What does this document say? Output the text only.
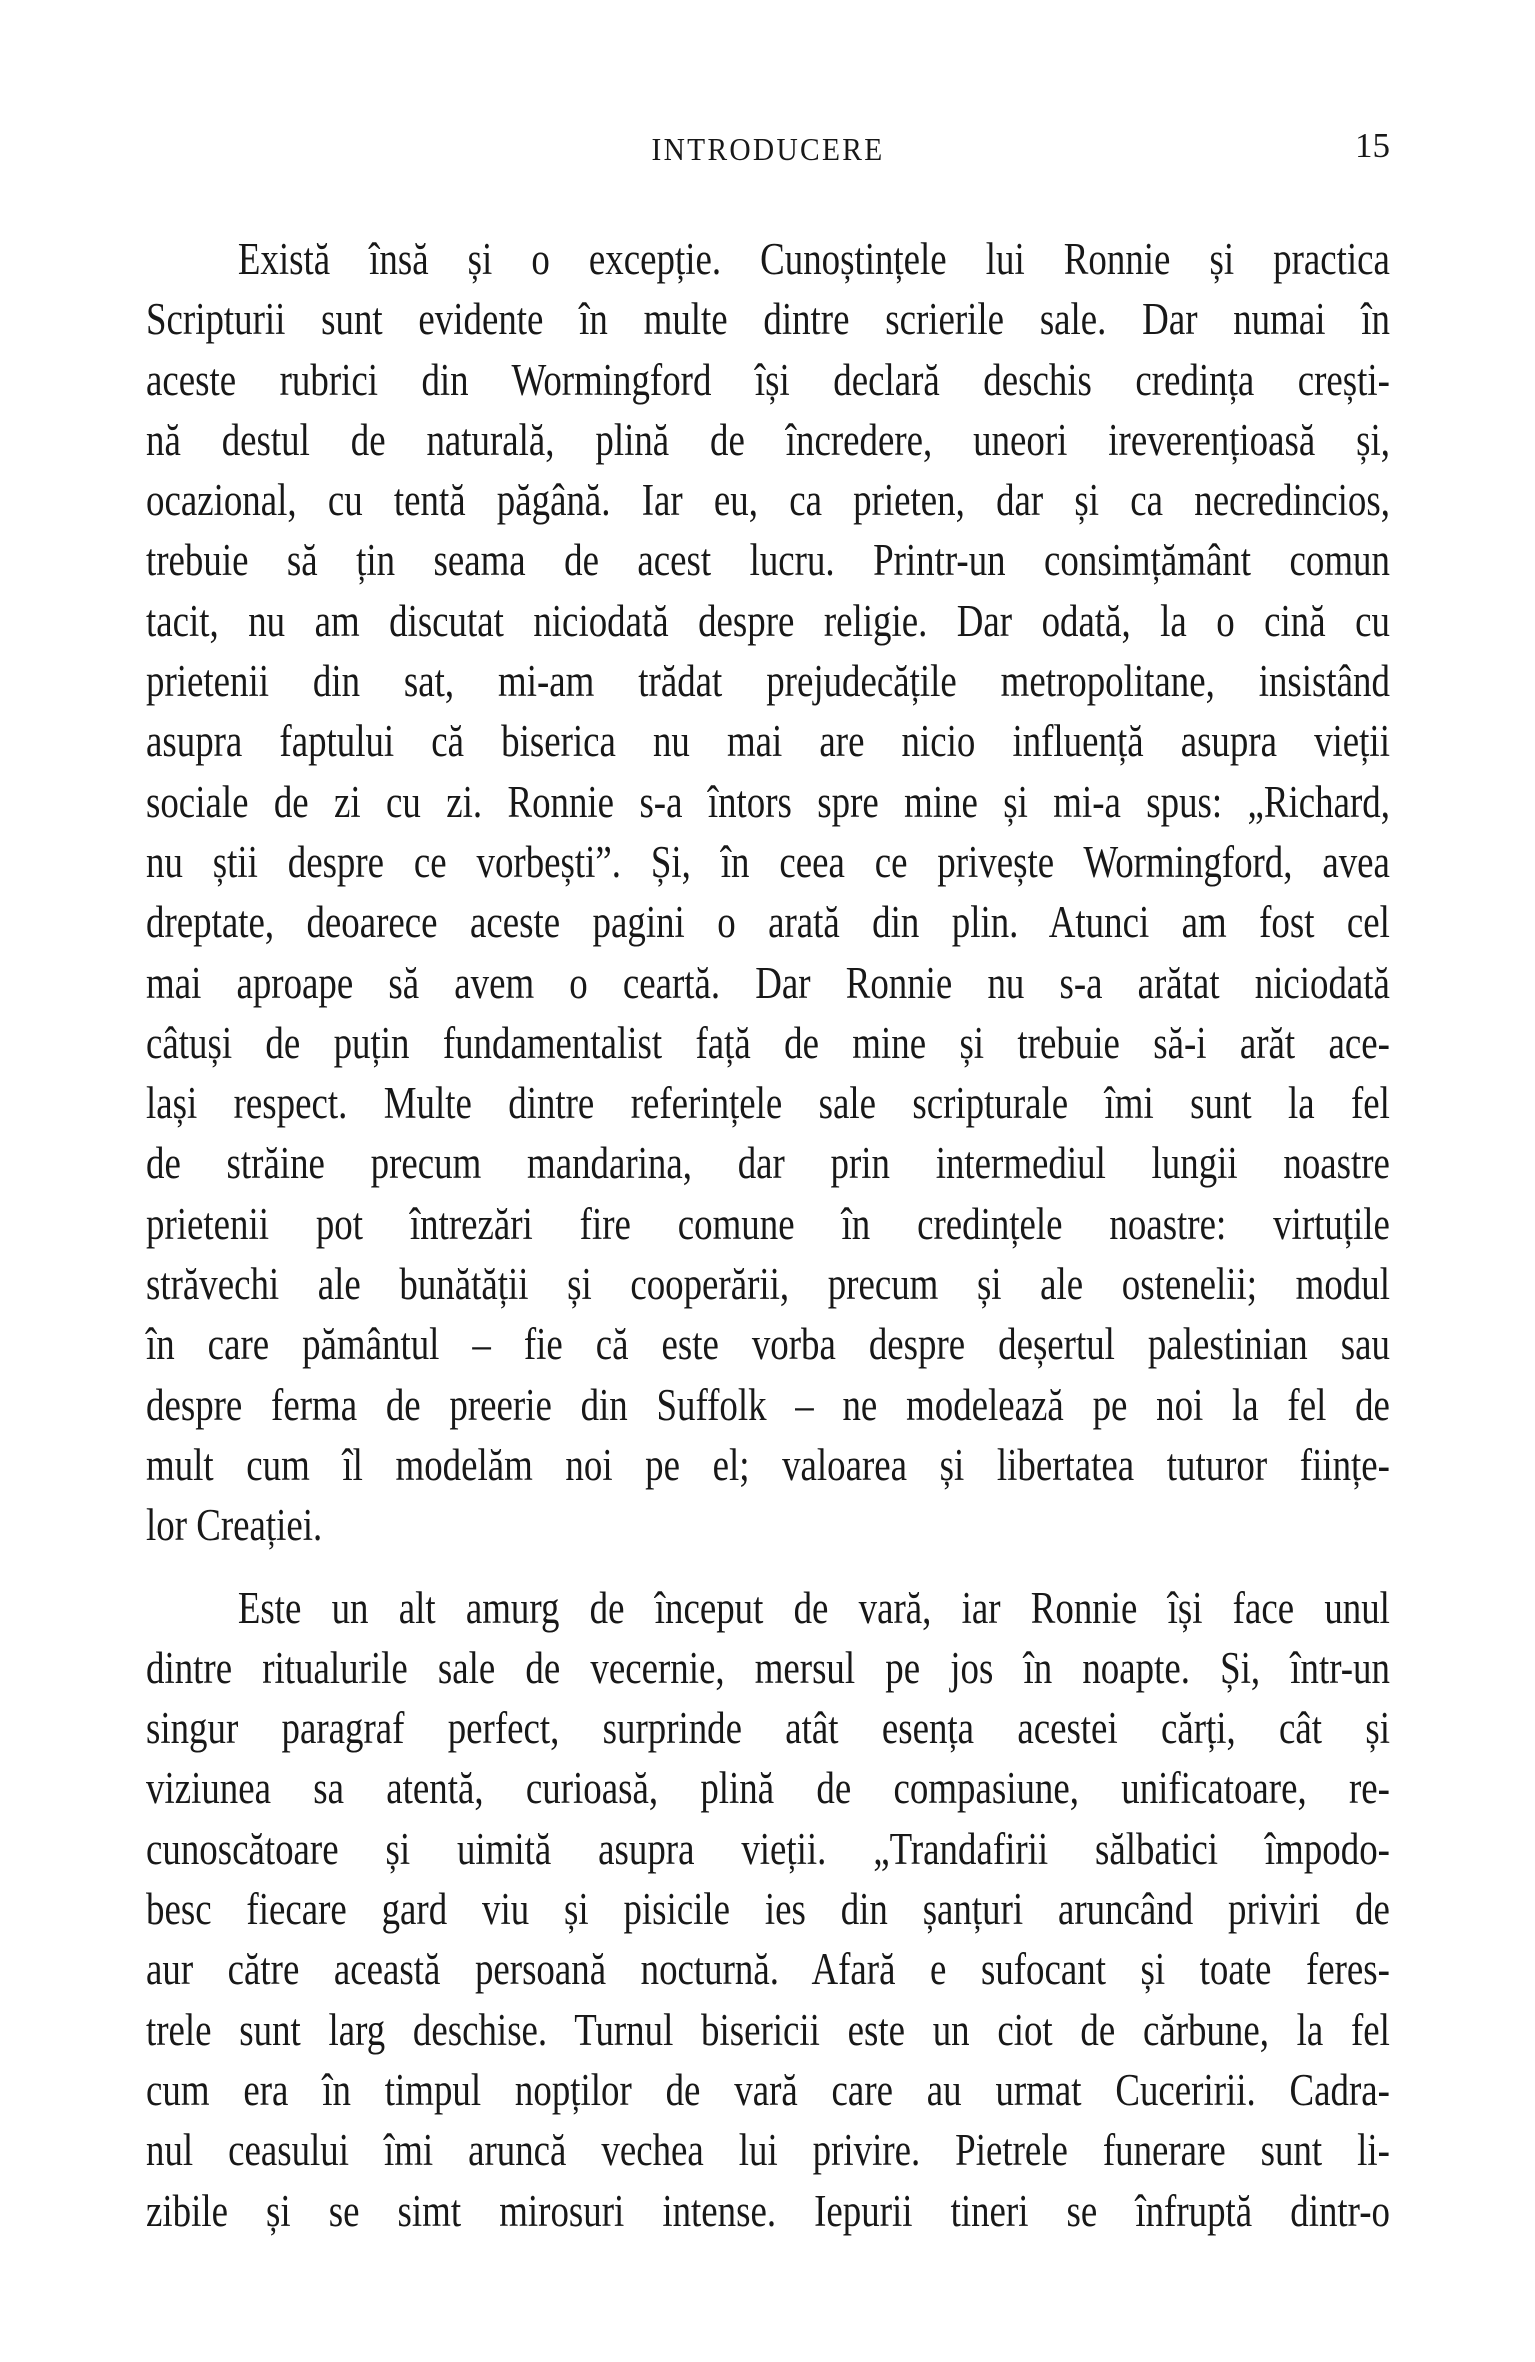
INTRODUCERE	15
Există însă și o excepție. Cunoștințele lui Ronnie și practica
Scripturii sunt evidente în multe dintre scrierile sale. Dar numai în
aceste rubrici din Wormingford își declară deschis credința crești-
nă destul de naturală, plină de încredere, uneori ireverențioasă și,
ocazional, cu tentă păgână. Iar eu, ca prieten, dar și ca necredincios,
trebuie să țin seama de acest lucru. Printr-un consimțământ comun
tacit, nu am discutat niciodată despre religie. Dar odată, la o cină cu
prietenii din sat, mi-am trădat prejudecățile metropolitane, insistând
asupra faptului că biserica nu mai are nicio influență asupra vieții
sociale de zi cu zi. Ronnie s-a întors spre mine și mi-a spus: „Richard,
nu știi despre ce vorbești”. Și, în ceea ce privește Wormingford, avea
dreptate, deoarece aceste pagini o arată din plin. Atunci am fost cel
mai aproape să avem o ceartă. Dar Ronnie nu s-a arătat niciodată
câtuși de puțin fundamentalist față de mine și trebuie să-i arăt ace-
lași respect. Multe dintre referințele sale scripturale îmi sunt la fel
de străine precum mandarina, dar prin intermediul lungii noastre
prietenii pot întrezări fire comune în credințele noastre: virtuțile
străvechi ale bunătății și cooperării, precum și ale ostenelii; modul
în care pământul – fie că este vorba despre deșertul palestinian sau
despre ferma de preerie din Suffolk – ne modelează pe noi la fel de
mult cum îl modelăm noi pe el; valoarea și libertatea tuturor ființe-
lor Creației.
Este un alt amurg de început de vară, iar Ronnie își face unul
dintre ritualurile sale de vecernie, mersul pe jos în noapte. Și, într-un
singur paragraf perfect, surprinde atât esența acestei cărți, cât și
viziunea sa atentă, curioasă, plină de compasiune, unificatoare, re-
cunoscătoare și uimită asupra vieții. „Trandafirii sălbatici împodo-
besc fiecare gard viu și pisicile ies din șanțuri aruncând priviri de
aur către această persoană nocturnă. Afară e sufocant și toate feres-
trele sunt larg deschise. Turnul bisericii este un ciot de cărbune, la fel
cum era în timpul nopților de vară care au urmat Cuceririi. Cadra-
nul ceasului îmi aruncă vechea lui privire. Pietrele funerare sunt li-
zibile și se simt mirosuri intense. Iepurii tineri se înfruptă dintr-o
